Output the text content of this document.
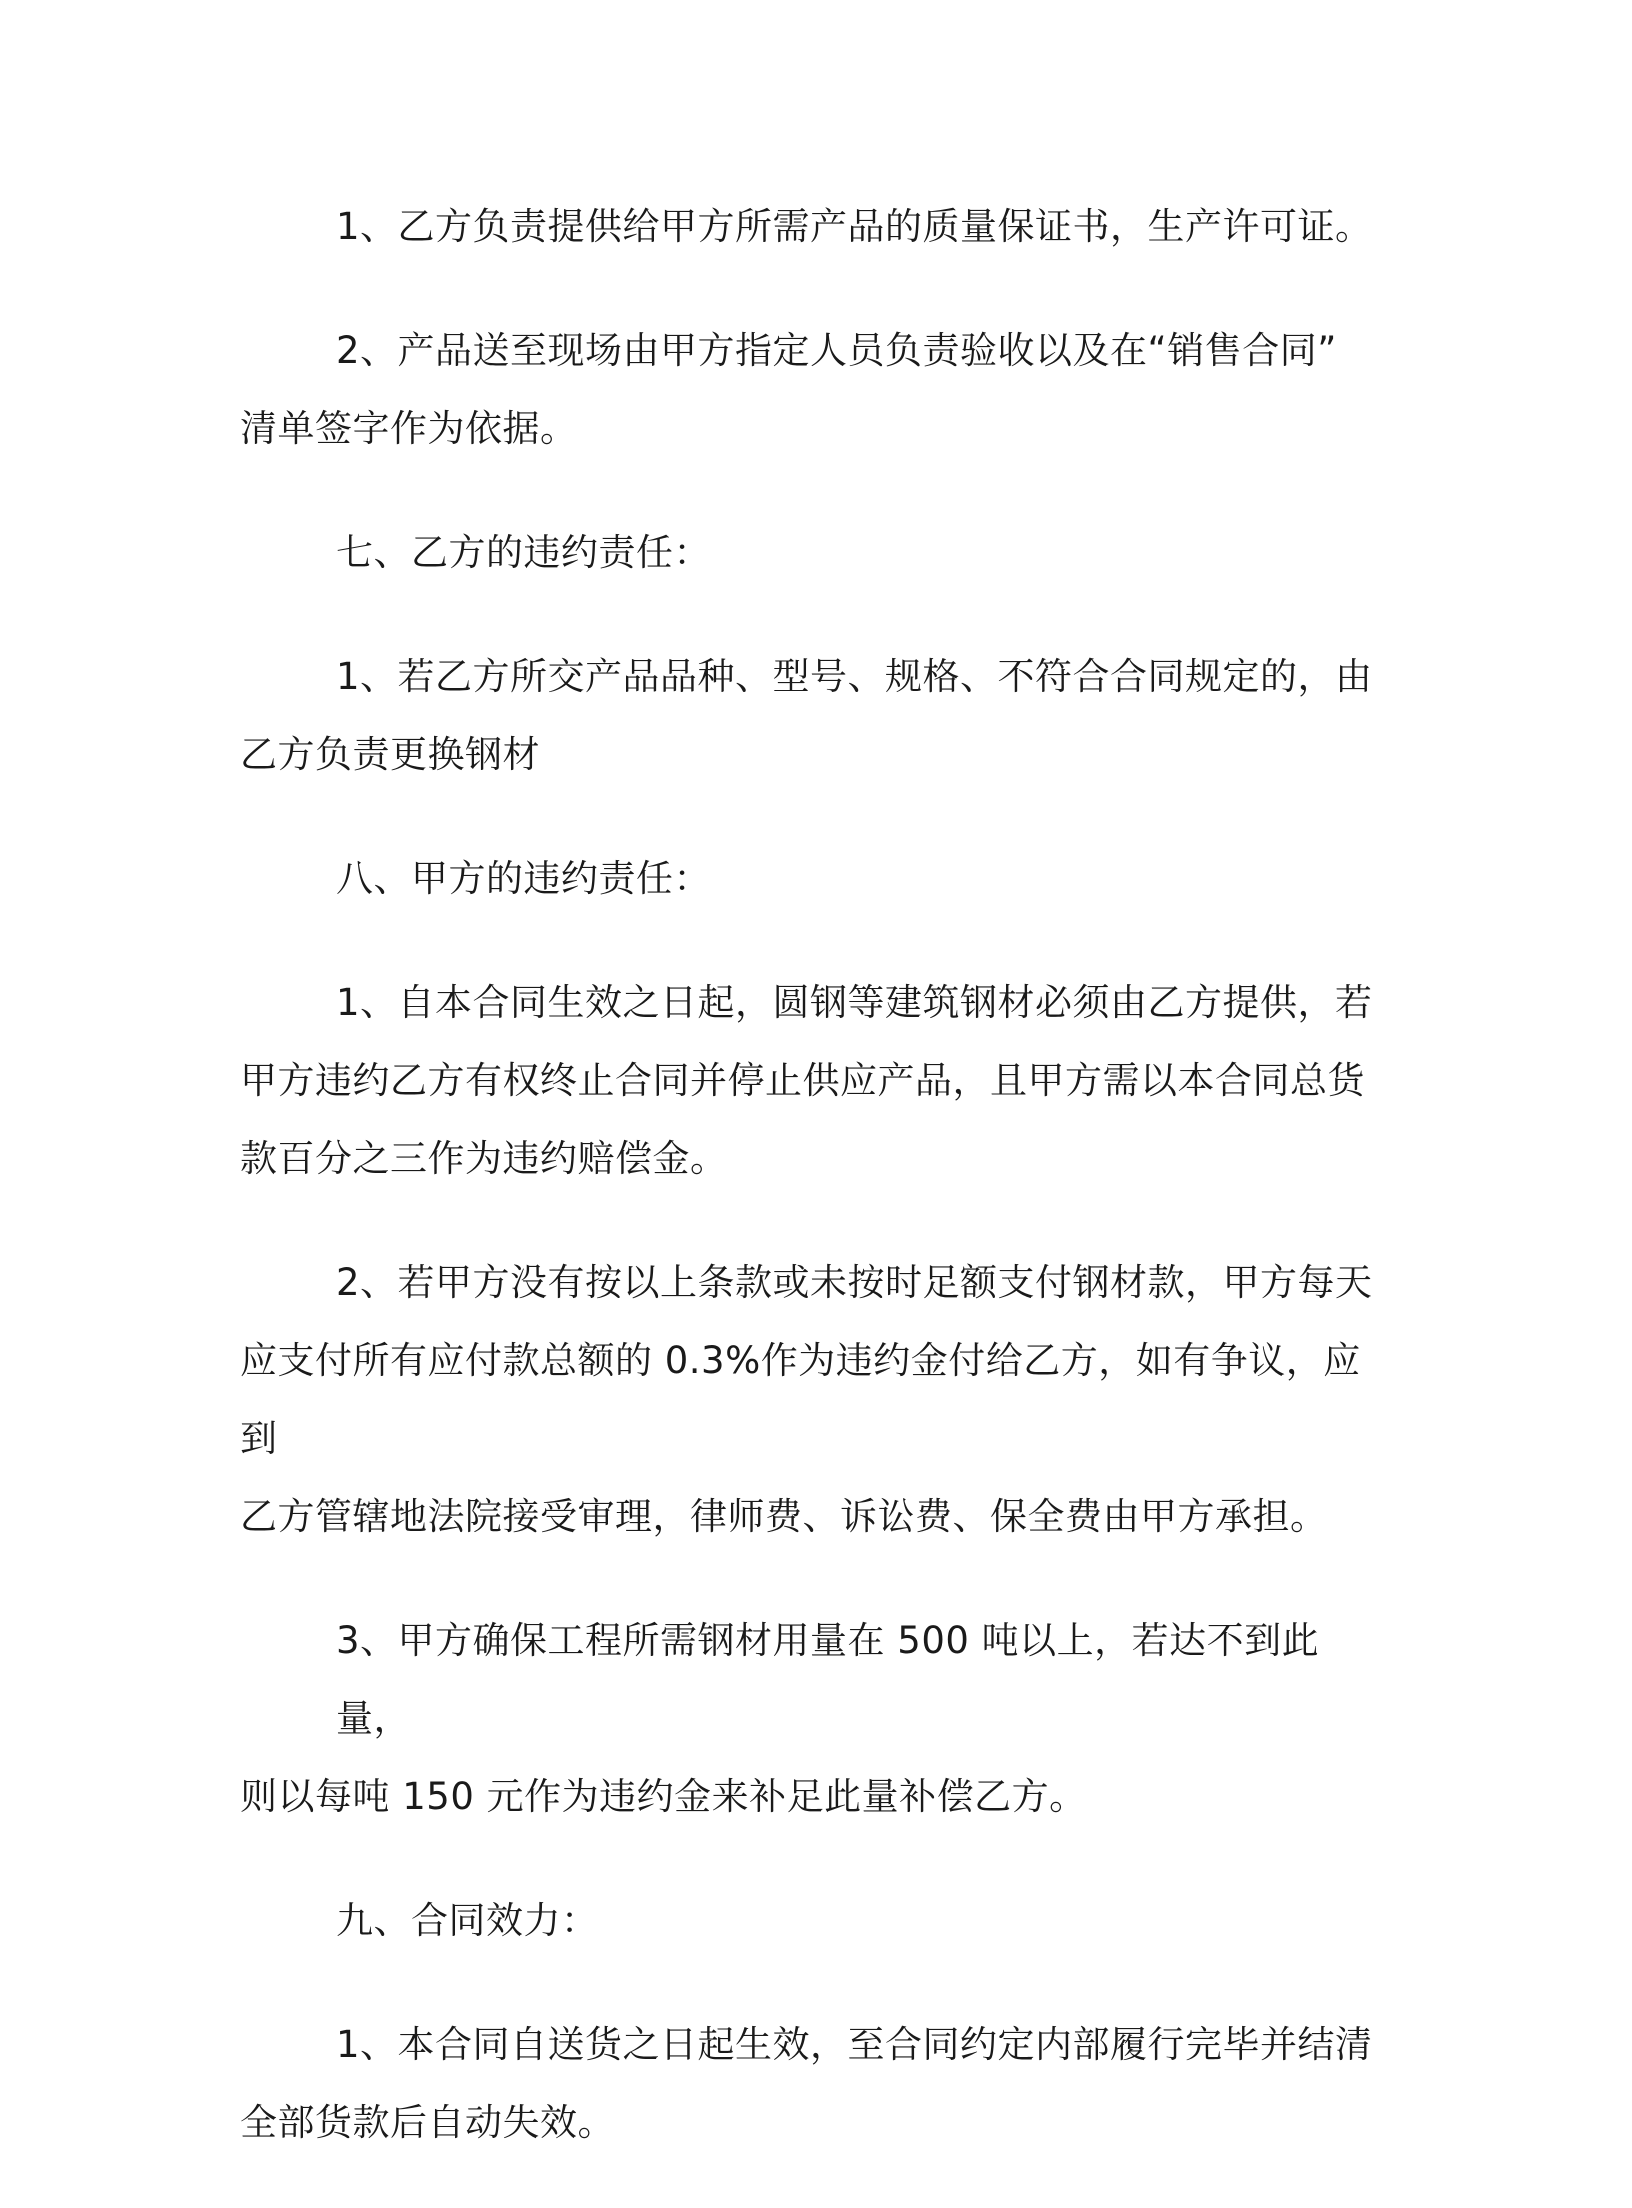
1、乙方负责提供给甲方所需产品的质量保证书，生产许可证。

2、产品送至现场由甲方指定人员负责验收以及在“销售合同”
清单签字作为依据。

七、乙方的违约责任：

1、若乙方所交产品品种、型号、规格、不符合合同规定的，由
乙方负责更换钢材

八、甲方的违约责任：

1、自本合同生效之日起，圆钢等建筑钢材必须由乙方提供，若
甲方违约乙方有权终止合同并停止供应产品，且甲方需以本合同总货
款百分之三作为违约赔偿金。

2、若甲方没有按以上条款或未按时足额支付钢材款，甲方每天
应支付所有应付款总额的 0.3%作为违约金付给乙方，如有争议，应到
乙方管辖地法院接受审理，律师费、诉讼费、保全费由甲方承担。

3、甲方确保工程所需钢材用量在 500 吨以上，若达不到此量，
则以每吨 150 元作为违约金来补足此量补偿乙方。

九、合同效力：

1、本合同自送货之日起生效，至合同约定内部履行完毕并结清
全部货款后自动失效。
